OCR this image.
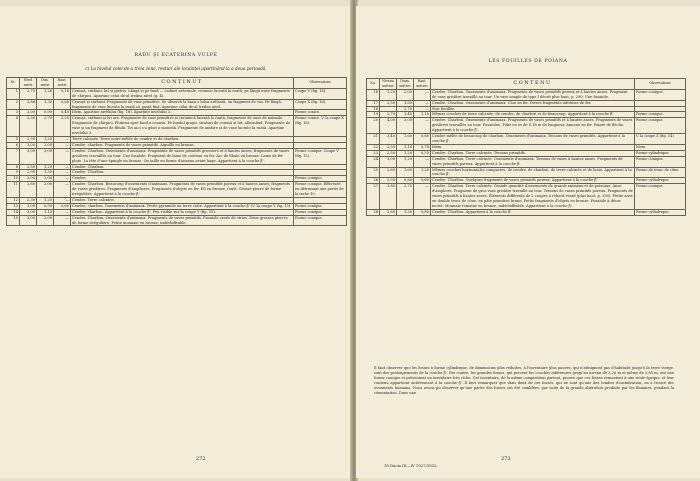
RADU ȘI ECATERINA VULPE
c) La nivelul celei de a treia zone, resturi ale locuinței apartinând la a doua perioadă.
Nr.	Nivel metri	Dim. metri	Haut. metri	CONȚINUT	Observations
1	2,75	1,26	0,16	Cenușă, cărbuni, lut și pietriș. Lângă și pe fund — cioburi neteruale, ceramic lucrată la roată; pe lângă niște fragmente de chirpici. Aparține celui de-al treilea nivel (g. 4).	Coupe V (fig. 16).
2	2,86	1,30	0,80	Cenușă și cărbuni. Fragmente de vase primitive. Se observă la baza o lulea ardisată, un fragment de vas. Pe lângă, fragmente de vase lucrate la roată cu pastă fină. Aparține celui de-al treilea nivel.	Coupe X (fig. 16).
3	2,00	0,90	0,40	Idem. Aparține nivelului (fig. 16). Aparține nivelului 3.	Forme conice.
4	2,30	2,75	2,25	Cenușă, cărbuni și lut ars. Fragmente de vase primitive și ceramică lucrată la roată; fragmente de oase de animale. Fragmente de chirpici. Plutirea spre fund a cenușii. Pe fundul gropii, straturi de cenușă și lut, alternând. Fragmente de vase și un fragment de fibulă. Tot aici s-a găsit o monedă. Fragmente de amfore și de vase lucrate la roată. Aparține nivelului 3.	Forme conice. V. la coupe X (fig. 16).
5	2,90	1,20	—	Terre calcinée. Terre noire mêlée de cendre et de charbon.	
6	3,00	2,00	—	Cendre, charbon. Fragments de vases primitifs. Aiguille en bronze.	
7	3,00	3,00	—	Cendre. Charbon. Ossements d'animaux. Fragments de vases primitifs grossiers et à hautes anses; fragments de vases grisâtres travaillés au tour. Une fusaïole. Fragment de lame de couteau en fer. Arc de fibule en bronze. Lame de fer plate. La tête d'une épingle en bronze. On taille en forme d'anneau avant liage. Appartient à la couche β'.	Forme conique. Coupe V (fig. 15).
8	2,50	1,20	—	Cendre. Charbon.	
9	2,90	1,50	—	Cendre. Charbon.	
10	2,00	2,00	—	Cendre.	Forme conique.
11	2,80	2,00	—	Cendre. Charbon. Beaucoup d'ossements d'animaux. Fragments de vases primitifs poreux et à hautes anses; fragments de vases grisâtres. Fragments d'amphores. Fragments d'objets en fer. Fil en bronze, roulé. Grosse pierre de forme irrégulière. Appartient à la couche β'.	Forme conique. Effectuée en détruisant une partie de la tache 10.
12	2,30	1,20	—	Cendre. Terre calcinée.	
13	3,00	0,50	0,60	Cendre, charbon. Ossements d'animaux. Petite pyramide en terre cuite. Appartient à la couche β' (V. la coupe Y, fig. 15).	Forme conique.
14	3,00	1,15	—	Cendre, charbon. Appartient à la couche β'. Peu visible sur la coupe Y (fig. 15).	Forme conique.
15	3,00	2,00	—	Cendre. Charbon. Ossements d'animaux. Fragments de vases primitifs. Fusaïole ornée de stries. Deux grosses pierres de forme irrégulière. Petite monnaie en bronze, indéchiffrable.	Forme conique.
272
LES FOUILLES DE POIANA
No.	Niveau mètres	Diam. mètres	Haut. mètres	CONTENU	Observations
16	1,20	2,00	—	Cendre. Charbon. Ossements d'animaux. Fragments de vases primitifs poreux et à hautes anses. Fragment de vase grisâtre travaillé au tour. Un vase simple du type I décrit plus haut, p. 290. Une fusaïole.	Forme conique.
17	2,50	1,60	—	Cendre. Charbon. Ossements d'animaux. Clou en fer. Divers fragments informes de fer.	
18		2,70	—	Non fouillée.	
19	2,70	1,45	1,10	Mêmes couches de terre calcinée, de cendre, de charbon et de beaucoup. Appartient à la couche β'.	Forme conique.
20	4,00	3,00	—	Cendre. Charbon. Ossements d'animaux. Fragments de vases primitifs et à hautes anses. Fragments de vases grisâtres travaillés au tour. Fusaïoles. Tube en os de 0,18 m de longueur. Anneau en fer. Pointe de flèche. Appartient à la couche β'.	Forme conique.
21	3,40	1,60	0,80	Cendre mêlée de beaucoup de charbon. Ossements d'animaux. Tessons de vases primitifs. Appartient à la couche β'.	V. la coupe Z (fig. 14)
22	2,50	1,16	0,78	Idem.	Idem.
23	2,50	1,20	0,55	Cendre. Charbon. Terre calcinée. Tessons primitifs.	Forme cylindrique.
24	3,00	1,20	—	Cendre. Charbon. Terre calcinée. Ossements d'animaux. Tessons de vases à hautes anses. Fragments de vases primitifs poreux. Appartient à la couche β'.	Forme conique.
25	2,60	1,60	1,20	Mêmes couches horizontales compactes, de cendre, de charbon, de terre calcinée et de boue. Appartient à la couche β'.	Forme de tronc de cône.
26	3,30	0,80	0,60	Cendre. Charbon. Quelques fragments de vases primitifs poreux. Appartient à la couche β'.	Forme cylindrique
27	3,85	2,75	—	Cendre. Charbon. Terre calcinée. Grande quantité d'ossements de grands animaux et de poissons. Anse d'amphore. Fragment de gros vase grisâtre travaillé au tour. Tessons de vases primitifs poreux. Fragments de vases primitifs à hautes anses. Éléments différents de 2 coupes à rebord évasé (plus haut, p. 290). Petite anse en double tronc de cône, en pâte primitive brune. Petits fragments d'objets en bronze. Fusaïole à décor incisé. Monnaie romaine en bronze, indéchiffrable. Appartient à la couche β'.	Forme conique.
28	2,60	1,20	0,80	Cendre. Charbon. Appartient à la couche β'.	Forme cylindrique.
Il faut observer que les fosses à forme cylindrique, de dimensions plus réduites, à l'inventaire plus pauvre, qui n'atteignent pas d'habitude jusqu'à la terre vierge, sont des prolongements de la couche β'. Par contre, les grandes fosses, qui percent les couches inférieures jusqu'au niveau de 3,20 m et même de 3,85 m, ont une forme conique et présentent un inventaire très riche. Cet inventaire, de la même composition partout, prouve que ces fosses remontent à une seule époque, et leur contenu appartient entièrement à la couche β'. Il faut remarquer que dans deux de ces fosses, qui ne sont qu'une des tombes d'incinération, on a trouvé des ossements humains. Nous avons pu observer qu'une partie des fosses ont été comblées, par suite de la grande altération produite par les flammes, pendant la cémentation. Dans une
18 Dacia III—IV 1927/1932.
273
